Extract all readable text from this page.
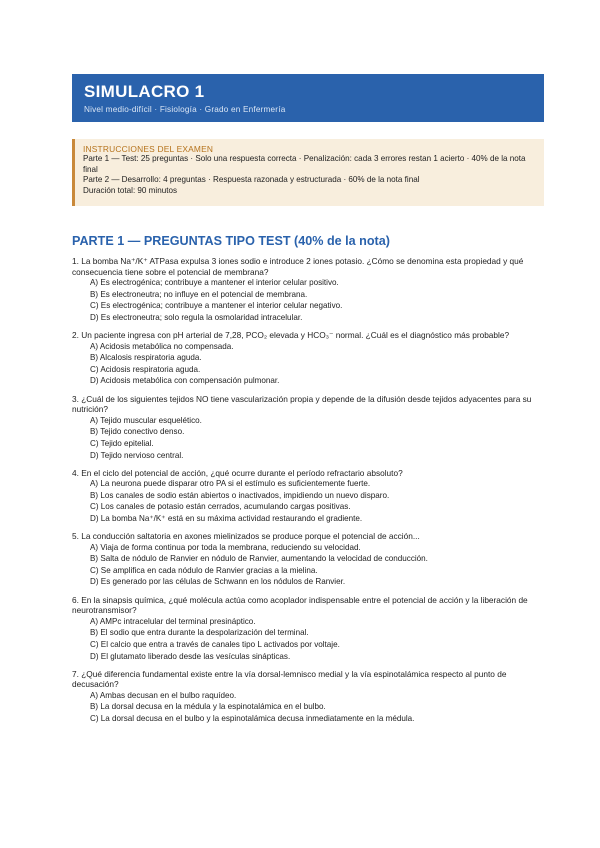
SIMULACRO 1
Nivel medio-difícil · Fisiología · Grado en Enfermería
INSTRUCCIONES DEL EXAMEN
Parte 1 — Test: 25 preguntas · Solo una respuesta correcta · Penalización: cada 3 errores restan 1 acierto · 40% de la nota final
Parte 2 — Desarrollo: 4 preguntas · Respuesta razonada y estructurada · 60% de la nota final
Duración total: 90 minutos
PARTE 1 — PREGUNTAS TIPO TEST (40% de la nota)
1. La bomba Na⁺/K⁺ ATPasa expulsa 3 iones sodio e introduce 2 iones potasio. ¿Cómo se denomina esta propiedad y qué consecuencia tiene sobre el potencial de membrana?
A) Es electrogénica; contribuye a mantener el interior celular positivo.
B) Es electroneutra; no influye en el potencial de membrana.
C) Es electrogénica; contribuye a mantener el interior celular negativo.
D) Es electroneutra; solo regula la osmolaridad intracelular.
2. Un paciente ingresa con pH arterial de 7,28, PCO₂ elevada y HCO₃⁻ normal. ¿Cuál es el diagnóstico más probable?
A) Acidosis metabólica no compensada.
B) Alcalosis respiratoria aguda.
C) Acidosis respiratoria aguda.
D) Acidosis metabólica con compensación pulmonar.
3. ¿Cuál de los siguientes tejidos NO tiene vascularización propia y depende de la difusión desde tejidos adyacentes para su nutrición?
A) Tejido muscular esquelético.
B) Tejido conectivo denso.
C) Tejido epitelial.
D) Tejido nervioso central.
4. En el ciclo del potencial de acción, ¿qué ocurre durante el período refractario absoluto?
A) La neurona puede disparar otro PA si el estímulo es suficientemente fuerte.
B) Los canales de sodio están abiertos o inactivados, impidiendo un nuevo disparo.
C) Los canales de potasio están cerrados, acumulando cargas positivas.
D) La bomba Na⁺/K⁺ está en su máxima actividad restaurando el gradiente.
5. La conducción saltatoria en axones mielinizados se produce porque el potencial de acción...
A) Viaja de forma continua por toda la membrana, reduciendo su velocidad.
B) Salta de nódulo de Ranvier en nódulo de Ranvier, aumentando la velocidad de conducción.
C) Se amplifica en cada nódulo de Ranvier gracias a la mielina.
D) Es generado por las células de Schwann en los nódulos de Ranvier.
6. En la sinapsis química, ¿qué molécula actúa como acoplador indispensable entre el potencial de acción y la liberación de neurotransmisor?
A) AMPc intracelular del terminal presináptico.
B) El sodio que entra durante la despolarización del terminal.
C) El calcio que entra a través de canales tipo L activados por voltaje.
D) El glutamato liberado desde las vesículas sinápticas.
7. ¿Qué diferencia fundamental existe entre la vía dorsal-lemnisco medial y la vía espinotalámica respecto al punto de decusación?
A) Ambas decusan en el bulbo raquídeo.
B) La dorsal decusa en la médula y la espinotalámica en el bulbo.
C) La dorsal decusa en el bulbo y la espinotalámica decusa inmediatamente en la médula.
